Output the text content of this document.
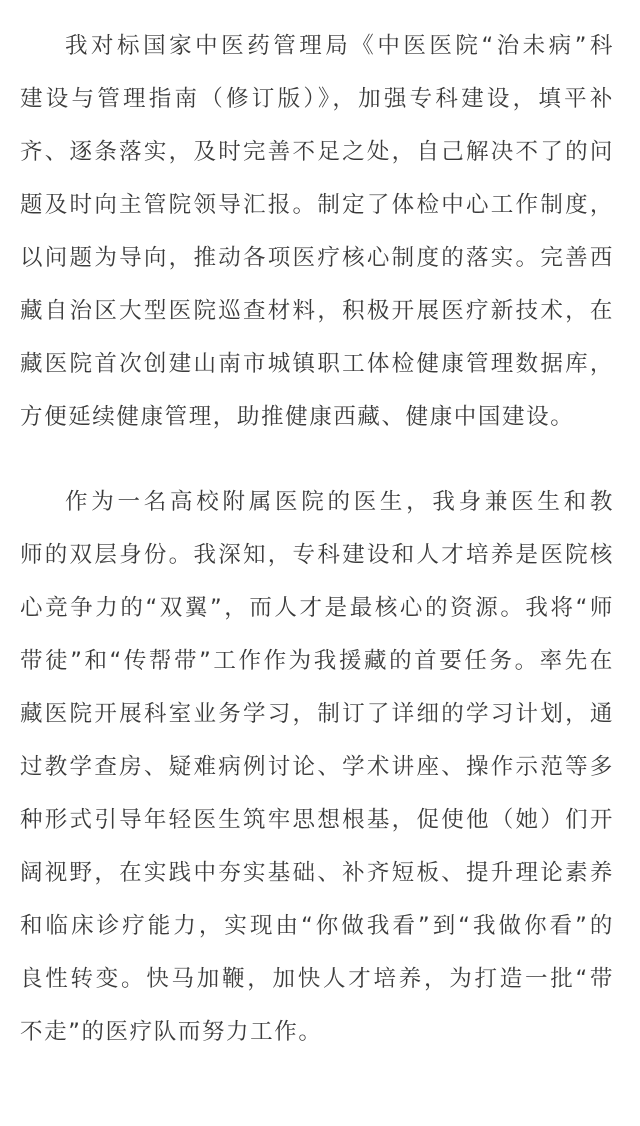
我对标国家中医药管理局《中医医院“治未病”科
建设与管理指南（修订版）》，加强专科建设，填平补
齐、逐条落实，及时完善不足之处，自己解决不了的问
题及时向主管院领导汇报。制定了体检中心工作制度，
以问题为导向，推动各项医疗核心制度的落实。完善西
藏自治区大型医院巡查材料，积极开展医疗新技术，在
藏医院首次创建山南市城镇职工体检健康管理数据库，
方便延续健康管理，助推健康西藏、健康中国建设。
作为一名高校附属医院的医生，我身兼医生和教
师的双层身份。我深知，专科建设和人才培养是医院核
心竞争力的“双翼”，而人才是最核心的资源。我将“师
带徒”和“传帮带”工作作为我援藏的首要任务。率先在
藏医院开展科室业务学习，制订了详细的学习计划，通
过教学查房、疑难病例讨论、学术讲座、操作示范等多
种形式引导年轻医生筑牢思想根基，促使他（她）们开
阔视野，在实践中夯实基础、补齐短板、提升理论素养
和临床诊疗能力，实现由“你做我看”到“我做你看”的
良性转变。快马加鞭，加快人才培养，为打造一批“带
不走”的医疗队而努力工作。
